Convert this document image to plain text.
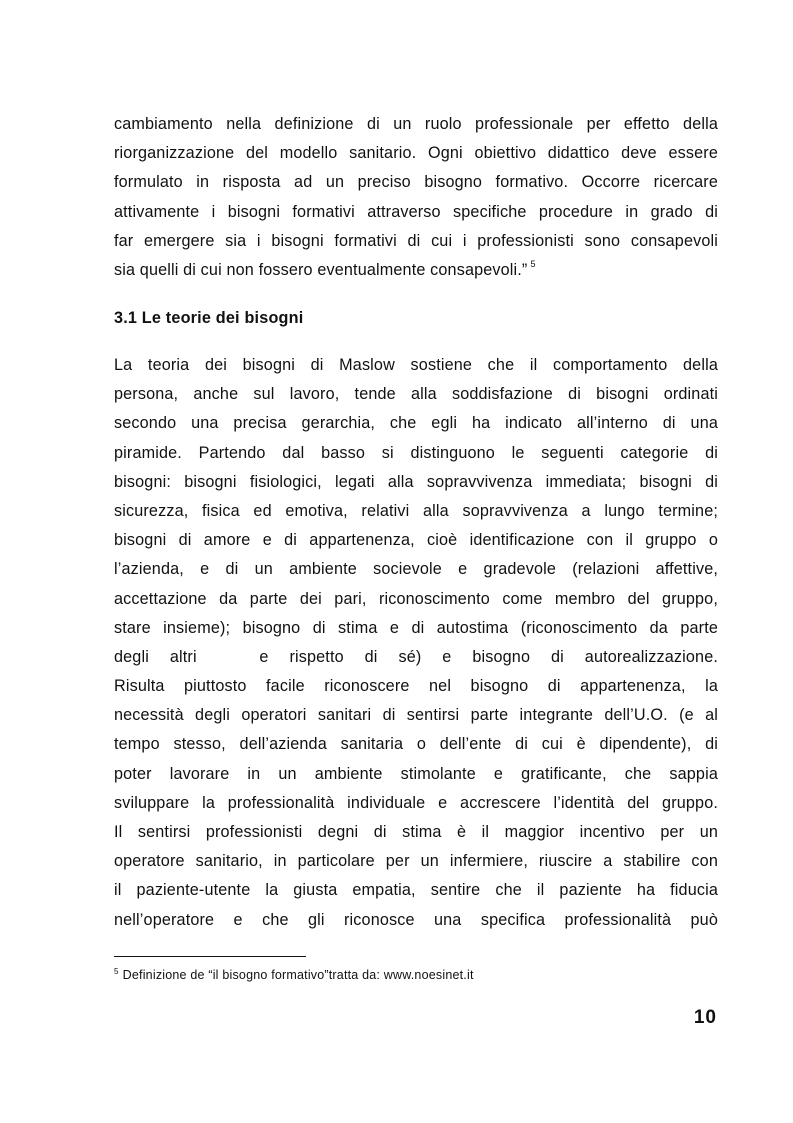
cambiamento nella definizione di un ruolo professionale per effetto della
riorganizzazione del modello sanitario. Ogni obiettivo didattico deve essere
formulato in risposta ad un preciso bisogno formativo. Occorre ricercare
attivamente i bisogni formativi attraverso specifiche procedure in grado di
far emergere sia i bisogni formativi di cui i professionisti sono consapevoli
sia quelli di cui non fossero eventualmente consapevoli.” $^5$
3.1 Le teorie dei bisogni
La teoria dei bisogni di Maslow sostiene che il comportamento della
persona, anche sul lavoro, tende alla soddisfazione di bisogni ordinati
secondo una precisa gerarchia, che egli ha indicato all’interno di una
piramide. Partendo dal basso si distinguono le seguenti categorie di
bisogni: bisogni fisiologici, legati alla sopravvivenza immediata; bisogni di
sicurezza, fisica ed emotiva, relativi alla sopravvivenza a lungo termine;
bisogni di amore e di appartenenza, cioè identificazione con il gruppo o
l’azienda, e di un ambiente socievole e gradevole (relazioni affettive,
accettazione da parte dei pari, riconoscimento come membro del gruppo,
stare insieme); bisogno di stima e di autostima (riconoscimento da parte
degli altri   e rispetto di sé) e bisogno di autorealizzazione.
Risulta piuttosto facile riconoscere nel bisogno di appartenenza, la
necessità degli operatori sanitari di sentirsi parte integrante dell’U.O. (e al
tempo stesso, dell’azienda sanitaria o dell’ente di cui è dipendente), di
poter lavorare in un ambiente stimolante e gratificante, che sappia
sviluppare la professionalità individuale e accrescere l’identità del gruppo.
Il sentirsi professionisti degni di stima è il maggior incentivo per un
operatore sanitario, in particolare per un infermiere, riuscire a stabilire con
il paziente-utente la giusta empatia, sentire che il paziente ha fiducia
nell’operatore e che gli riconosce una specifica professionalità può
$^5$ Definizione de “il bisogno formativo”tratta da: www.noesinet.it
10
